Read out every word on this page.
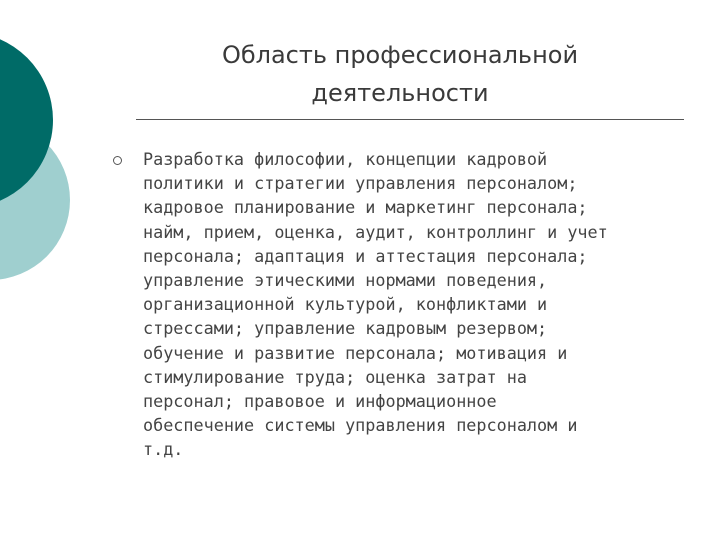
Область профессиональной
деятельности
Разработка философии, концепции кадровой
политики и стратегии управления персоналом;
кадровое планирование и маркетинг персонала;
найм, прием, оценка, аудит, контроллинг и учет
персонала; адаптация и аттестация персонала;
управление этическими нормами поведения,
организационной культурой, конфликтами и
стрессами; управление кадровым резервом;
обучение и развитие персонала; мотивация и
стимулирование труда; оценка затрат на
персонал; правовое и информационное
обеспечение системы управления персоналом и
т.д.
